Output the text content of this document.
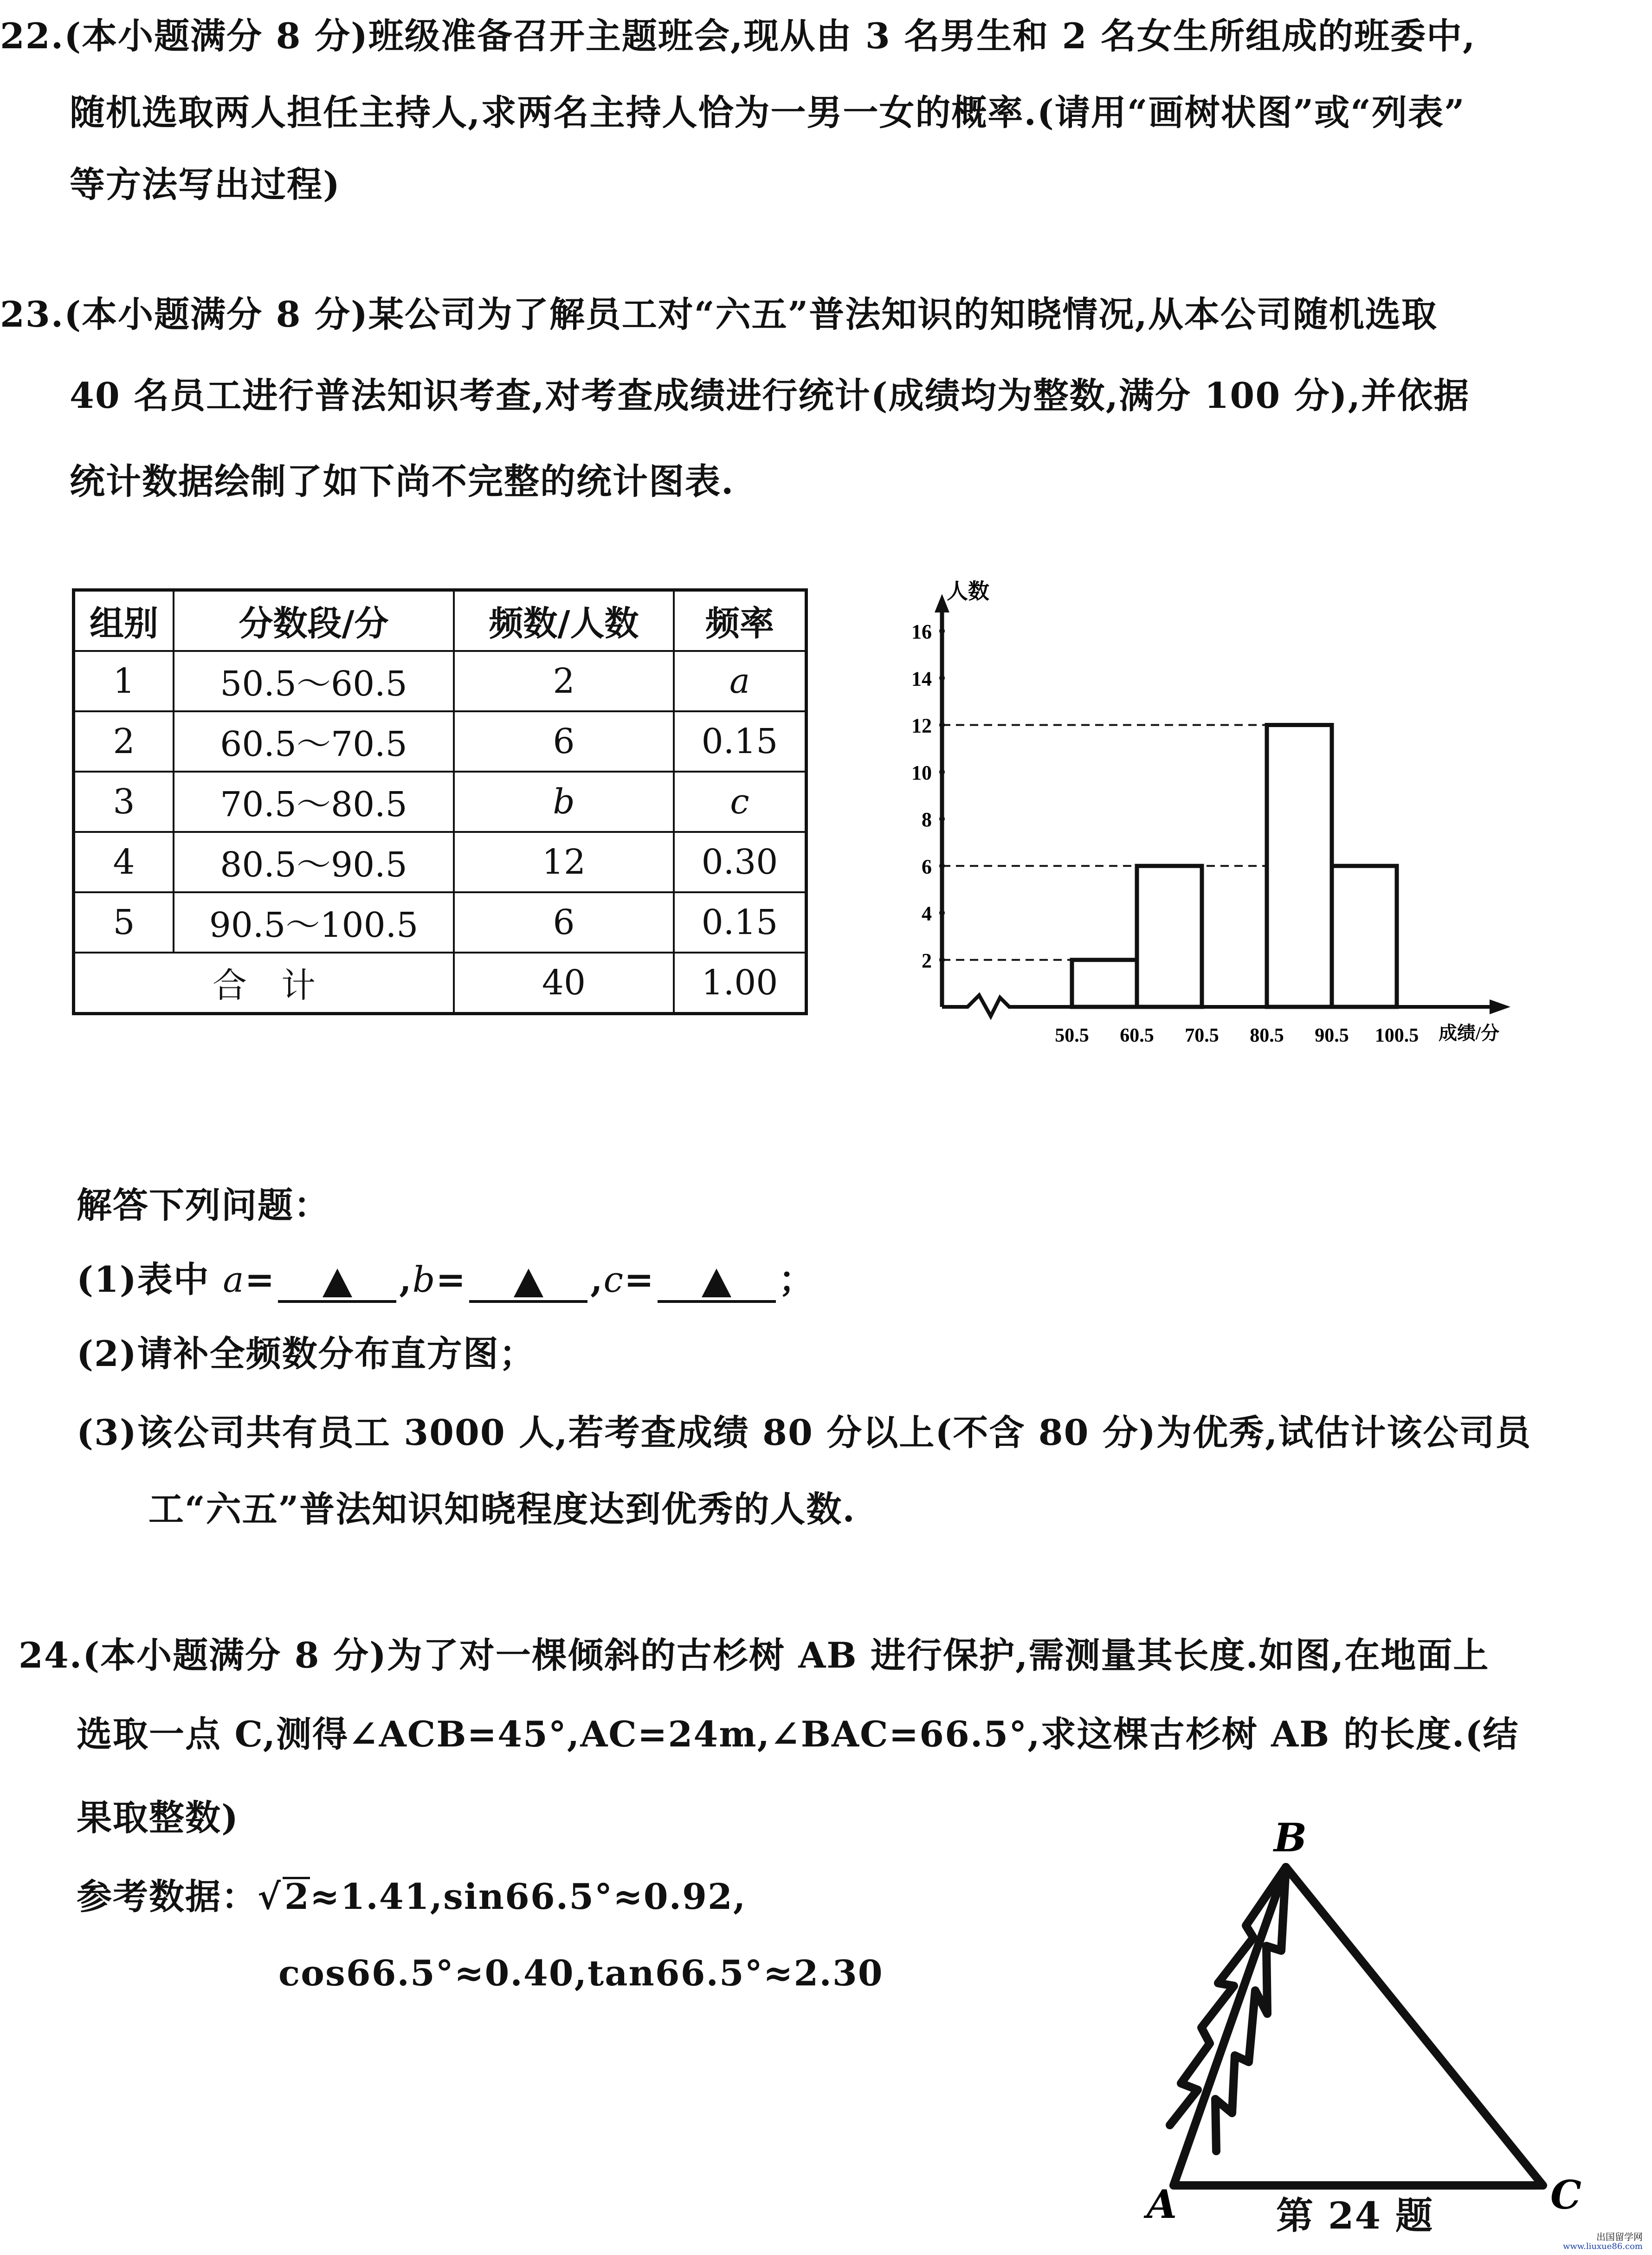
22.(本小题满分 8 分)班级准备召开主题班会,现从由 3 名男生和 2 名女生所组成的班委中,
随机选取两人担任主持人,求两名主持人恰为一男一女的概率.(请用“画树状图”或“列表”
等方法写出过程)
23.(本小题满分 8 分)某公司为了解员工对“六五”普法知识的知晓情况,从本公司随机选取
40 名员工进行普法知识考查,对考查成绩进行统计(成绩均为整数,满分 100 分),并依据
统计数据绘制了如下尚不完整的统计图表.
组别	分数段/分	频数/人数	频率
1	50.5～60.5	2	a
2	60.5～70.5	6	0.15
3	70.5～80.5	b	c
4	80.5～90.5	12	0.30
5	90.5～100.5	6	0.15
合　计		40	1.00
2
4
6
8
10
12
14
16
50.5 60.5 70.5 80.5 90.5 100.5
人数
成绩/分
解答下列问题：
(1)表中 a=	,b=	,c=	；
(2)请补全频数分布直方图；
(3)该公司共有员工 3000 人,若考查成绩 80 分以上(不含 80 分)为优秀,试估计该公司员
工“六五”普法知识知晓程度达到优秀的人数.
24.(本小题满分 8 分)为了对一棵倾斜的古杉树 AB 进行保护,需测量其长度.如图,在地面上
选取一点 C,测得∠ACB=45°,AC=24m,∠BAC=66.5°,求这棵古杉树 AB 的长度.(结
果取整数)
参考数据：√2≈1.41,sin66.5°≈0.92,
cos66.5°≈0.40,tan66.5°≈2.30
B
A	C
第 24 题	出国留学网
www.liuxue86.com
